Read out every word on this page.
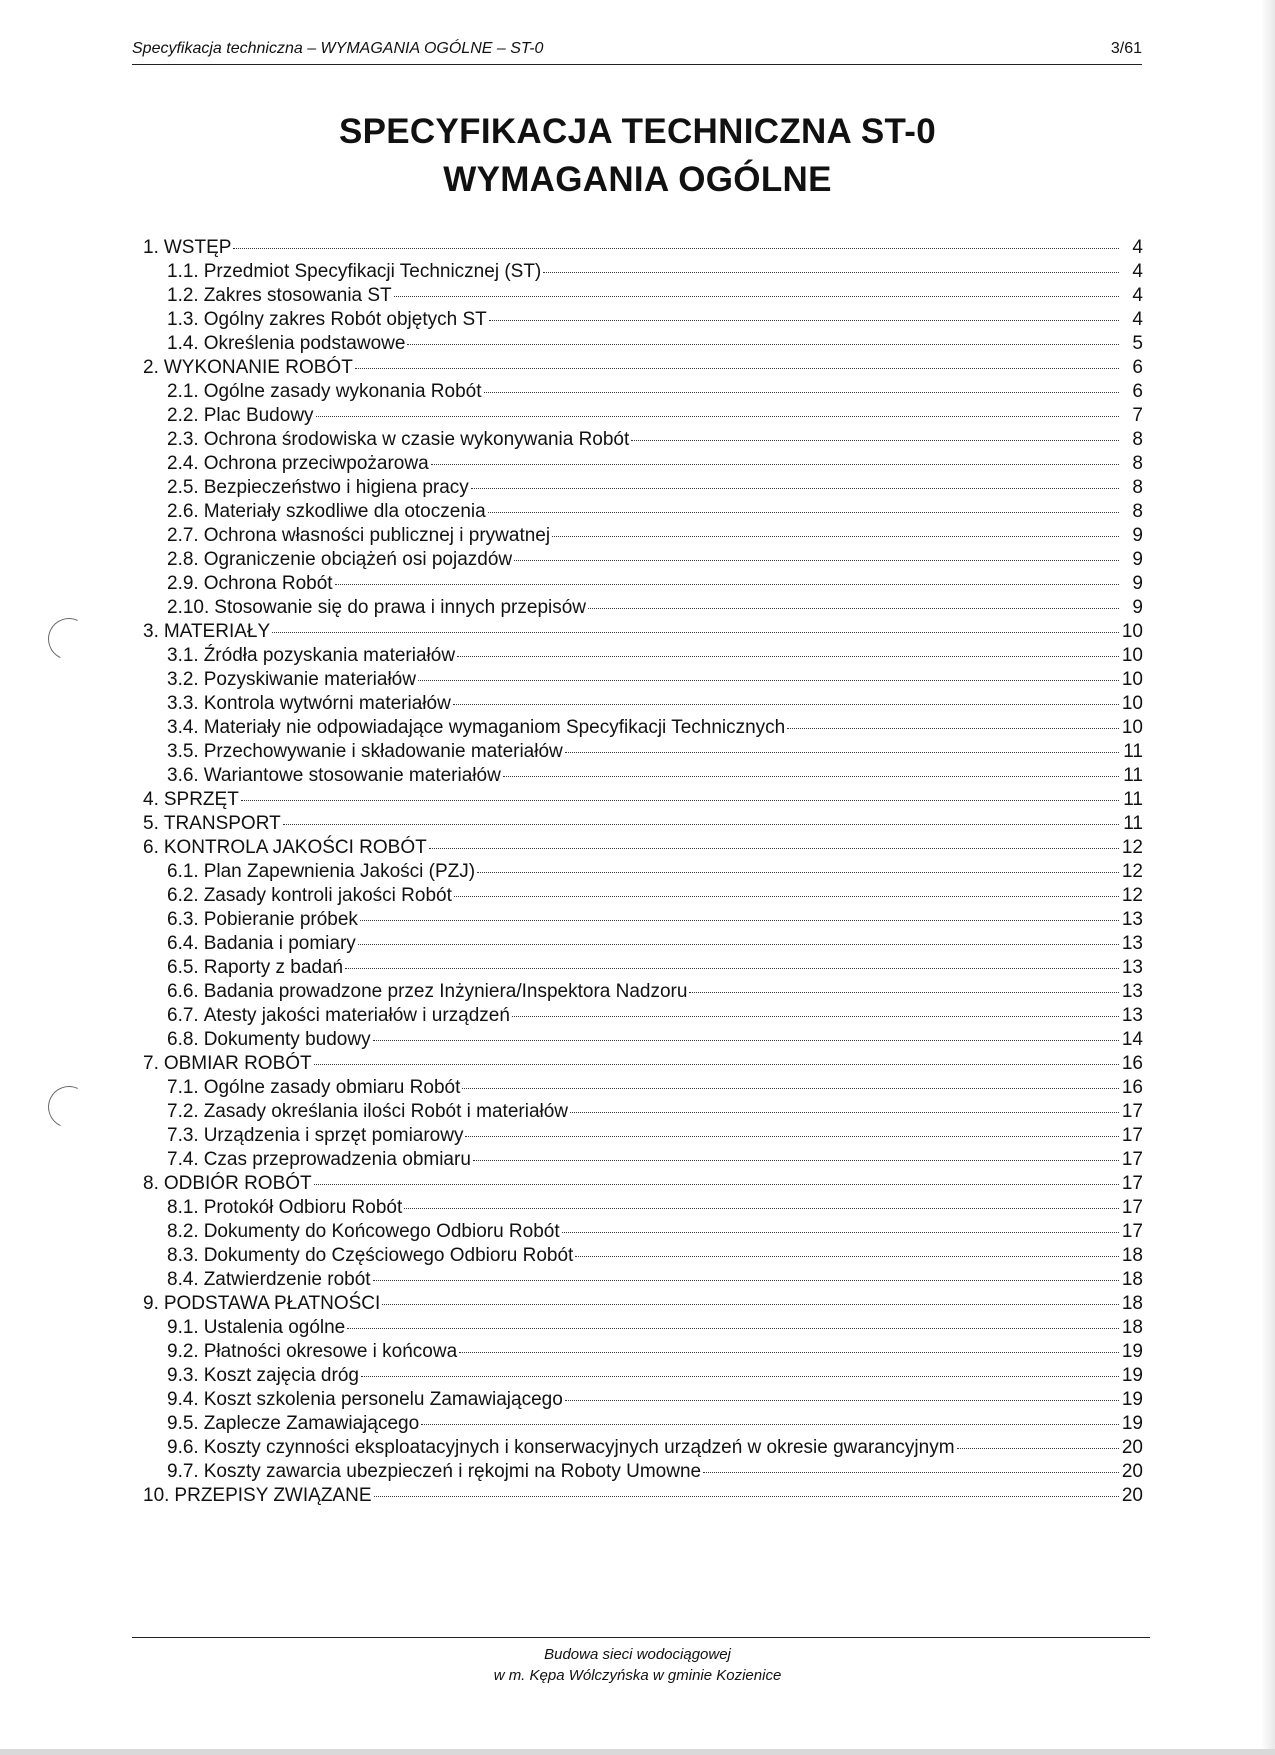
Specyfikacja techniczna – WYMAGANIA OGÓLNE – ST-0	3/61
SPECYFIKACJA TECHNICZNA ST-0
WYMAGANIA OGÓLNE
1. WSTĘP	4
1.1. Przedmiot Specyfikacji Technicznej (ST)	4
1.2. Zakres stosowania ST	4
1.3. Ogólny zakres Robót objętych ST	4
1.4. Określenia podstawowe	5
2. WYKONANIE ROBÓT	6
2.1. Ogólne zasady wykonania Robót	6
2.2. Plac Budowy	7
2.3. Ochrona środowiska w czasie wykonywania Robót	8
2.4. Ochrona przeciwpożarowa	8
2.5. Bezpieczeństwo i higiena pracy	8
2.6. Materiały szkodliwe dla otoczenia	8
2.7. Ochrona własności publicznej i prywatnej	9
2.8. Ograniczenie obciążeń osi pojazdów	9
2.9. Ochrona Robót	9
2.10. Stosowanie się do prawa i innych przepisów	9
3. MATERIAŁY	10
3.1. Źródła pozyskania materiałów	10
3.2. Pozyskiwanie materiałów	10
3.3. Kontrola wytwórni materiałów	10
3.4. Materiały nie odpowiadające wymaganiom Specyfikacji Technicznych	10
3.5. Przechowywanie i składowanie materiałów	11
3.6. Wariantowe stosowanie materiałów	11
4. SPRZĘT	11
5. TRANSPORT	11
6. KONTROLA JAKOŚCI ROBÓT	12
6.1. Plan Zapewnienia Jakości (PZJ)	12
6.2. Zasady kontroli jakości Robót	12
6.3. Pobieranie próbek	13
6.4. Badania i pomiary	13
6.5. Raporty z badań	13
6.6. Badania prowadzone przez Inżyniera/Inspektora Nadzoru	13
6.7. Atesty jakości materiałów i urządzeń	13
6.8. Dokumenty budowy	14
7. OBMIAR ROBÓT	16
7.1. Ogólne zasady obmiaru Robót	16
7.2. Zasady określania ilości Robót i materiałów	17
7.3. Urządzenia i sprzęt pomiarowy	17
7.4. Czas przeprowadzenia obmiaru	17
8. ODBIÓR ROBÓT	17
8.1. Protokół Odbioru Robót	17
8.2. Dokumenty do Końcowego Odbioru Robót	17
8.3. Dokumenty do Częściowego Odbioru Robót	18
8.4. Zatwierdzenie robót	18
9. PODSTAWA PŁATNOŚCI	18
9.1. Ustalenia ogólne	18
9.2. Płatności okresowe i końcowa	19
9.3. Koszt zajęcia dróg	19
9.4. Koszt szkolenia personelu Zamawiającego	19
9.5. Zaplecze Zamawiającego	19
9.6. Koszty czynności eksploatacyjnych i konserwacyjnych urządzeń w okresie gwarancyjnym	20
9.7. Koszty zawarcia ubezpieczeń i rękojmi na Roboty Umowne	20
10. PRZEPISY ZWIĄZANE	20
Budowa sieci wodociągowej
w m. Kępa Wólczyńska w gminie Kozienice
